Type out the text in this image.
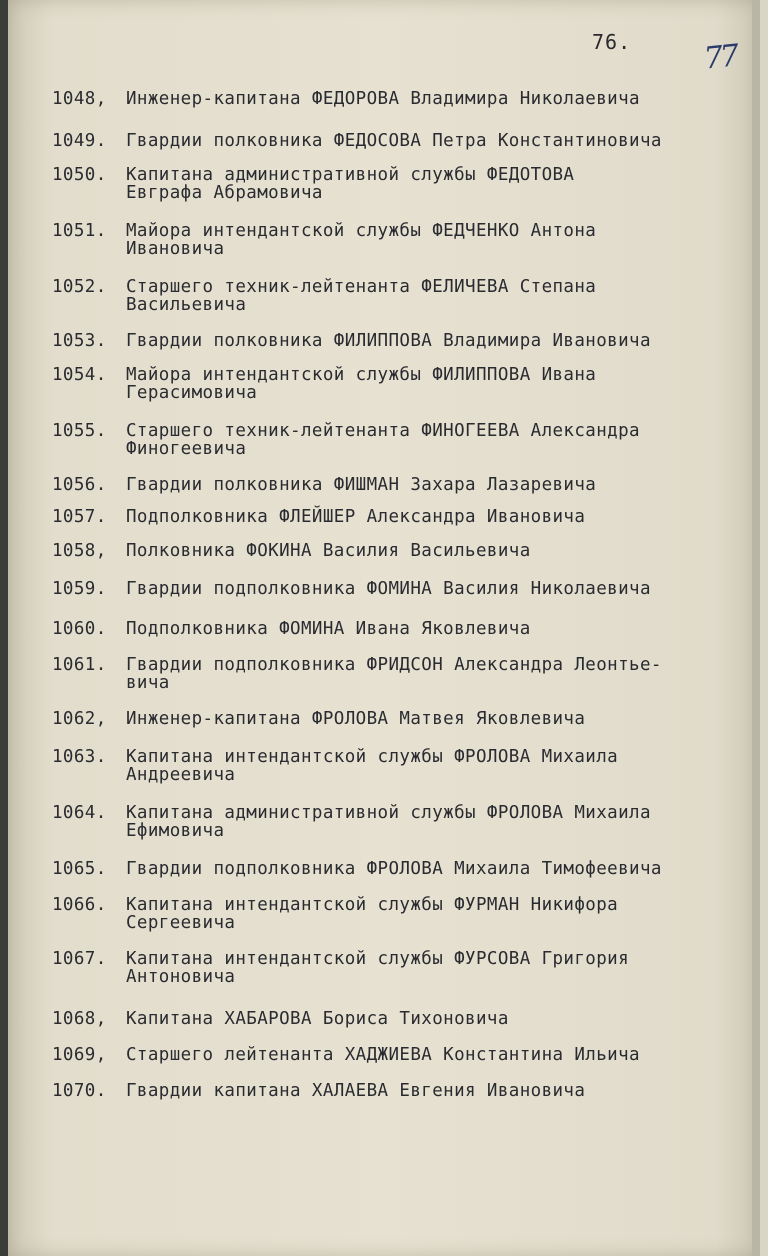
76. 77
1048, Инженер-капитана ФЕДОРОВА Владимира Николаевича
1049. Гвардии полковника ФЕДОСОВА Петра Константиновича
1050. Капитана административной службы ФЕДОТОВА
Евграфа Абрамовича
1051. Майора интендантской службы ФЕДЧЕНКО Антона
Ивановича
1052. Старшего техник-лейтенанта ФЕЛИЧЕВА Степана
Васильевича
1053. Гвардии полковника ФИЛИППОВА Владимира Ивановича
1054. Майора интендантской службы ФИЛИППОВА Ивана
Герасимовича
1055. Старшего техник-лейтенанта ФИНОГЕЕВА Александра
Финогеевича
1056. Гвардии полковника ФИШМАН Захара Лазаревича
1057. Подполковника ФЛЕЙШЕР Александра Ивановича
1058, Полковника ФОКИНА Василия Васильевича
1059. Гвардии подполковника ФОМИНА Василия Николаевича
1060. Подполковника ФОМИНА Ивана Яковлевича
1061. Гвардии подполковника ФРИДСОН Александра Леонтье-
вича
1062, Инженер-капитана ФРОЛОВА Матвея Яковлевича
1063. Капитана интендантской службы ФРОЛОВА Михаила
Андреевича
1064. Капитана административной службы ФРОЛОВА Михаила
Ефимовича
1065. Гвардии подполковника ФРОЛОВА Михаила Тимофеевича
1066. Капитана интендантской службы ФУРМАН Никифора
Сергеевича
1067. Капитана интендантской службы ФУРСОВА Григория
Антоновича
1068, Капитана ХАБАРОВА Бориса Тихоновича
1069, Старшего лейтенанта ХАДЖИЕВА Константина Ильича
1070. Гвардии капитана ХАЛАЕВА Евгения Ивановича
